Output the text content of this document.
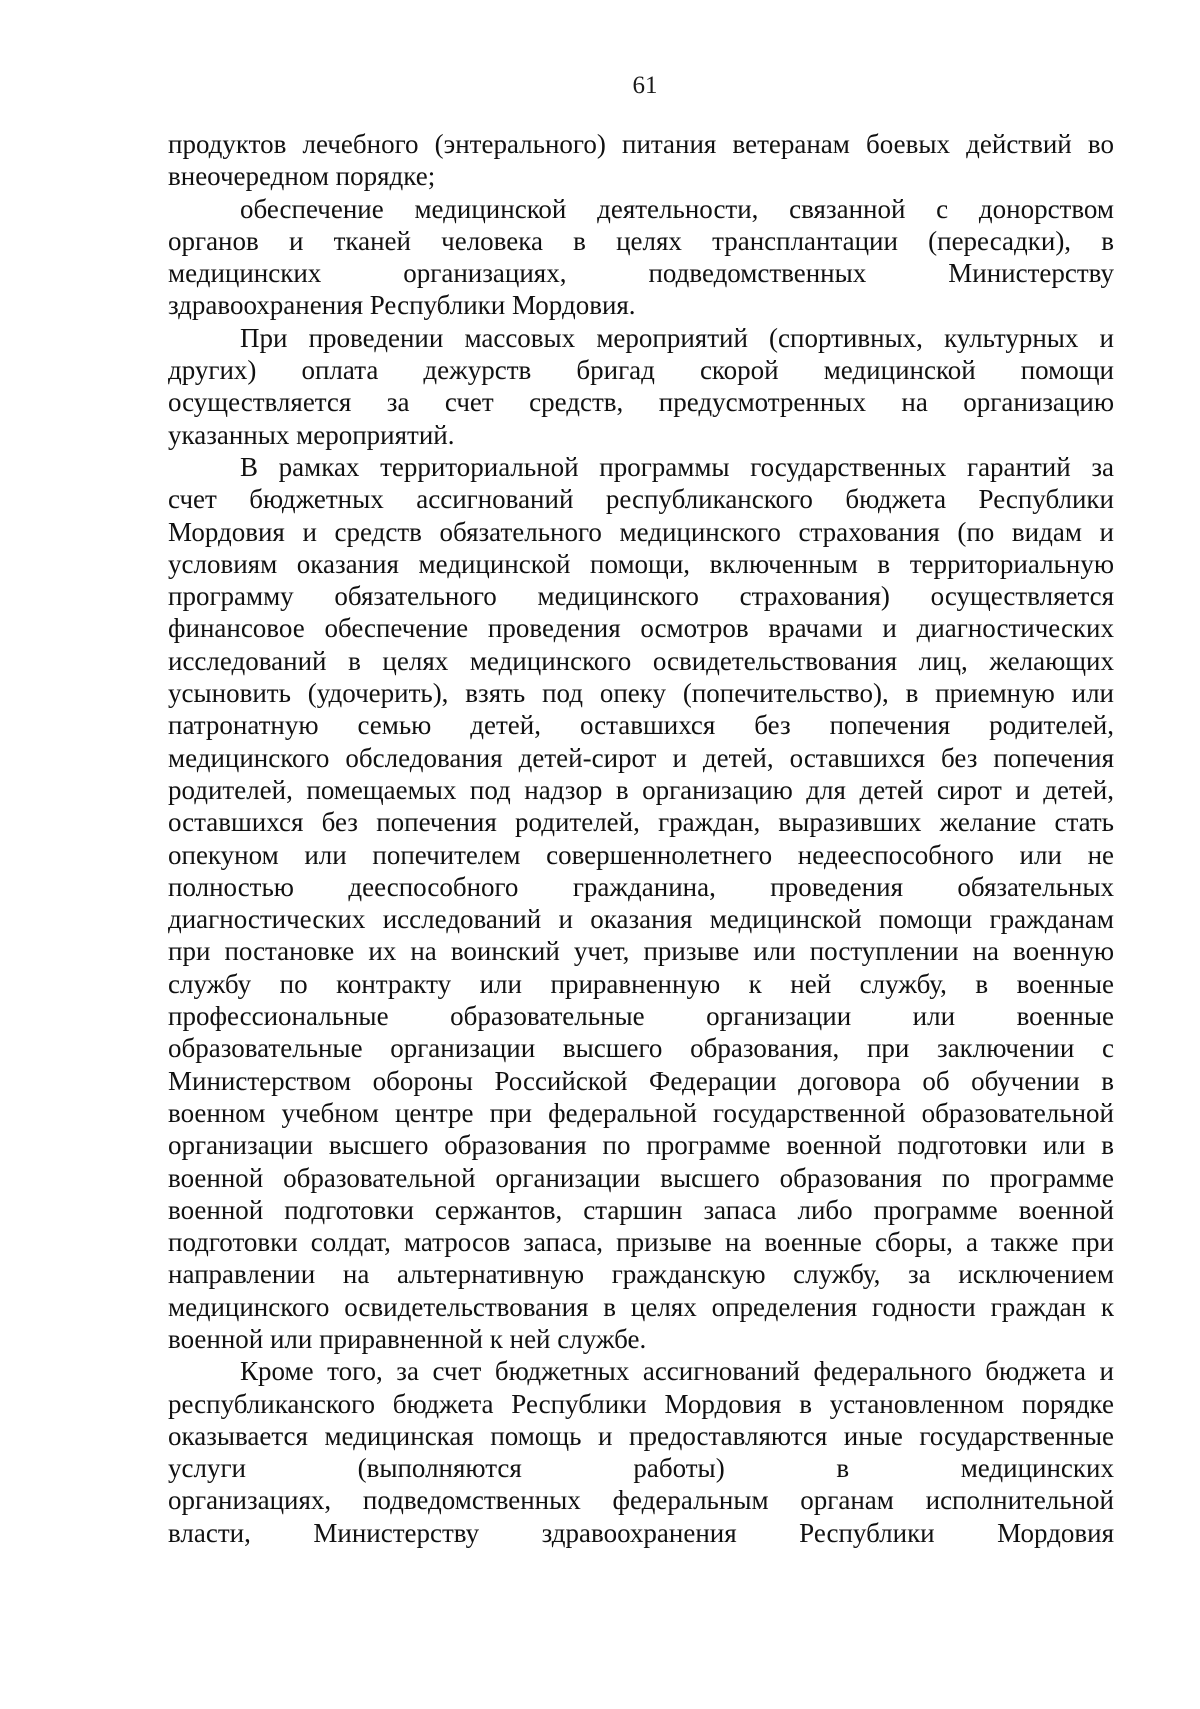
61

продуктов лечебного (энтерального) питания ветеранам боевых действий во
внеочередном порядке;

обеспечение медицинской деятельности, связанной с донорством
органов и тканей человека в целях трансплантации (пересадки), в
медицинских организациях, подведомственных Министерству
здравоохранения Республики Мордовия.

При проведении массовых мероприятий (спортивных, культурных и
других) оплата дежурств бригад скорой медицинской помощи
осуществляется за счет средств, предусмотренных на организацию
указанных мероприятий.

В рамках территориальной программы государственных гарантий за
счет бюджетных ассигнований республиканского бюджета Республики
Мордовия и средств обязательного медицинского страхования (по видам и
условиям оказания медицинской помощи, включенным в территориальную
программу обязательного медицинского страхования) осуществляется
финансовое обеспечение проведения осмотров врачами и диагностических
исследований в целях медицинского освидетельствования лиц, желающих
усыновить (удочерить), взять под опеку (попечительство), в приемную или
патронатную семью детей, оставшихся без попечения родителей,
медицинского обследования детей-сирот и детей, оставшихся без попечения
родителей, помещаемых под надзор в организацию для детей сирот и детей,
оставшихся без попечения родителей, граждан, выразивших желание стать
опекуном или попечителем совершеннолетнего недееспособного или не
полностью дееспособного гражданина, проведения обязательных
диагностических исследований и оказания медицинской помощи гражданам
при постановке их на воинский учет, призыве или поступлении на военную
службу по контракту или приравненную к ней службу, в военные
профессиональные образовательные организации или военные
образовательные организации высшего образования, при заключении с
Министерством обороны Российской Федерации договора об обучении в
военном учебном центре при федеральной государственной образовательной
организации высшего образования по программе военной подготовки или в
военной образовательной организации высшего образования по программе
военной подготовки сержантов, старшин запаса либо программе военной
подготовки солдат, матросов запаса, призыве на военные сборы, а также при
направлении на альтернативную гражданскую службу, за исключением
медицинского освидетельствования в целях определения годности граждан к
военной или приравненной к ней службе.

Кроме того, за счет бюджетных ассигнований федерального бюджета и
республиканского бюджета Республики Мордовия в установленном порядке
оказывается медицинская помощь и предоставляются иные государственные
услуги (выполняются работы) в медицинских
организациях, подведомственных федеральным органам исполнительной
власти, Министерству здравоохранения Республики Мордовия
